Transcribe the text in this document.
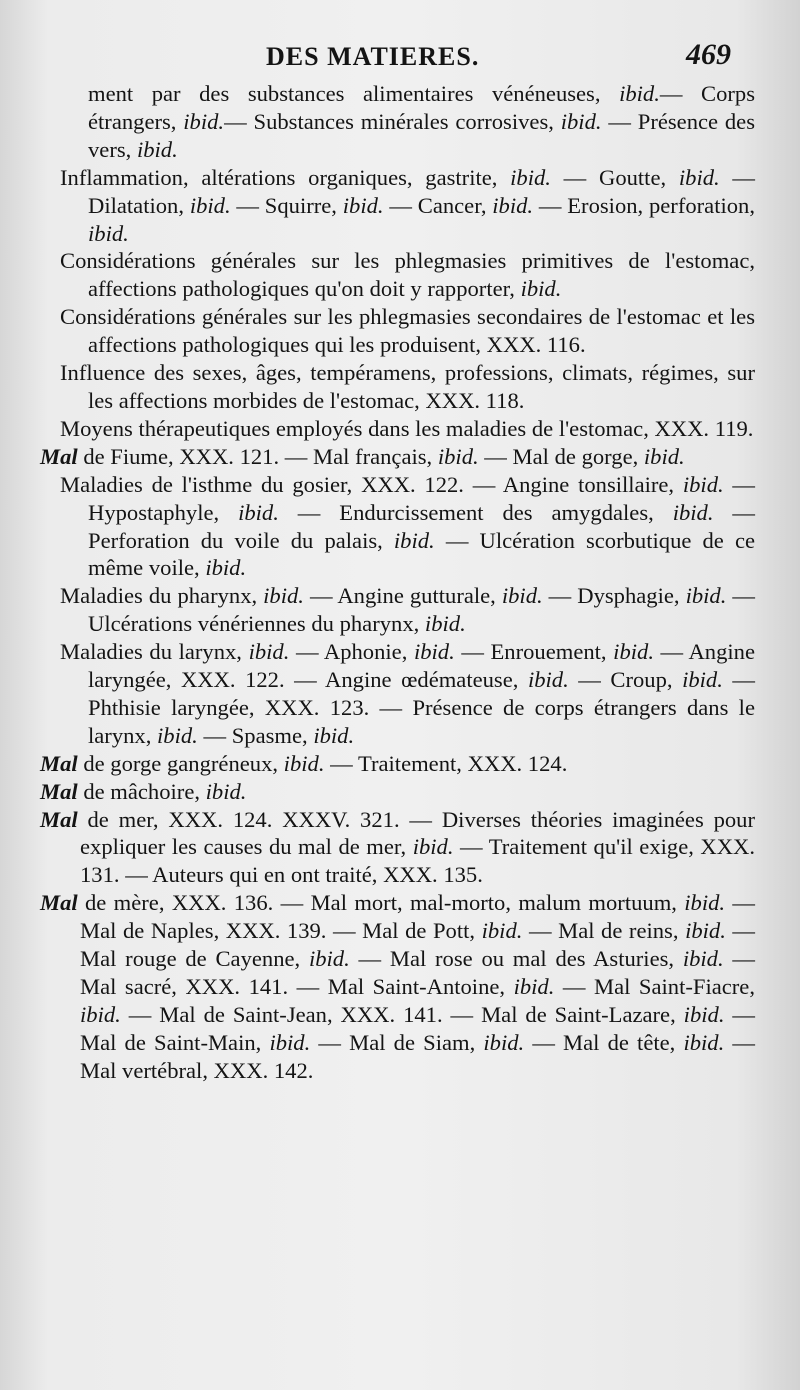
DES MATIERES.	469

ment par des substances alimentaires vénéneuses, ibid.— Corps étrangers, ibid.— Substances minérales corrosives, ibid. — Présence des vers, ibid.

Inflammation, altérations organiques, gastrite, ibid. — Goutte, ibid. — Dilatation, ibid. — Squirre, ibid. — Cancer, ibid. — Erosion, perforation, ibid.

Considérations générales sur les phlegmasies primitives de l'estomac, affections pathologiques qu'on doit y rapporter, ibid.

Considérations générales sur les phlegmasies secondaires de l'estomac et les affections pathologiques qui les produisent, XXX. 116.

Influence des sexes, âges, tempéramens, professions, climats, régimes, sur les affections morbides de l'estomac, XXX. 118.

Moyens thérapeutiques employés dans les maladies de l'estomac, XXX. 119.

Mal de Fiume, XXX. 121. — Mal français, ibid. — Mal de gorge, ibid.

Maladies de l'isthme du gosier, XXX. 122. — Angine tonsillaire, ibid. — Hypostaphyle, ibid. — Endurcissement des amygdales, ibid. — Perforation du voile du palais, ibid. — Ulcération scorbutique de ce même voile, ibid.

Maladies du pharynx, ibid. — Angine gutturale, ibid. — Dysphagie, ibid. — Ulcérations vénériennes du pharynx, ibid.

Maladies du larynx, ibid. — Aphonie, ibid. — Enrouement, ibid. — Angine laryngée, XXX. 122. — Angine œdémateuse, ibid. — Croup, ibid. — Phthisie laryngée, XXX. 123. — Présence de corps étrangers dans le larynx, ibid. — Spasme, ibid.

Mal de gorge gangréneux, ibid. — Traitement, XXX. 124.

Mal de mâchoire, ibid.

Mal de mer, XXX. 124. XXXV. 321. — Diverses théories imaginées pour expliquer les causes du mal de mer, ibid. — Traitement qu'il exige, XXX. 131. — Auteurs qui en ont traité, XXX. 135.

Mal de mère, XXX. 136. — Mal mort, mal-morto, malum mortuum, ibid. — Mal de Naples, XXX. 139. — Mal de Pott, ibid. — Mal de reins, ibid. — Mal rouge de Cayenne, ibid. — Mal rose ou mal des Asturies, ibid. — Mal sacré, XXX. 141. — Mal Saint-Antoine, ibid. — Mal Saint-Fiacre, ibid. — Mal de Saint-Jean, XXX. 141. — Mal de Saint-Lazare, ibid. — Mal de Saint-Main, ibid. — Mal de Siam, ibid. — Mal de tête, ibid. — Mal vertébral, XXX. 142.
